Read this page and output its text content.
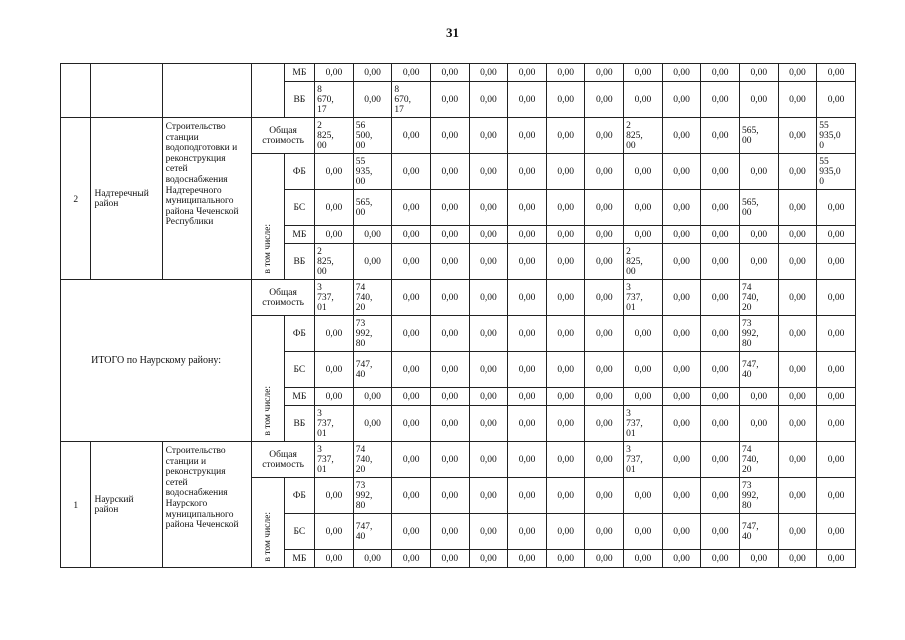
31
				МБ	0,00	0,00	0,00	0,00	0,00	0,00	0,00	0,00	0,00	0,00	0,00	0,00	0,00	0,00
				ВБ	8
670,
17	0,00	8
670,
17	0,00	0,00	0,00	0,00	0,00	0,00	0,00	0,00	0,00	0,00	0,00
2	Надтеречный район	Строительство станции водоподготовки и реконструкция сетей водоснабжения Надтеречного муниципального района Чеченской Республики	Общая стоимость		2
825,
00	56
500,
00	0,00	0,00	0,00	0,00	0,00	0,00	2
825,
00	0,00	0,00	565,
00	0,00	55
935,0
0
			в том числе:	ФБ	0,00	55
935,
00	0,00	0,00	0,00	0,00	0,00	0,00	0,00	0,00	0,00	0,00	0,00	55
935,0
0
				БС	0,00	565,
00	0,00	0,00	0,00	0,00	0,00	0,00	0,00	0,00	0,00	565,
00	0,00	0,00
				МБ	0,00	0,00	0,00	0,00	0,00	0,00	0,00	0,00	0,00	0,00	0,00	0,00	0,00	0,00
				ВБ	2
825,
00	0,00	0,00	0,00	0,00	0,00	0,00	0,00	2
825,
00	0,00	0,00	0,00	0,00	0,00
ИТОГО по Наурскому району:			Общая стоимость		3
737,
01	74
740,
20	0,00	0,00	0,00	0,00	0,00	0,00	3
737,
01	0,00	0,00	74
740,
20	0,00	0,00
			в том числе:	ФБ	0,00	73
992,
80	0,00	0,00	0,00	0,00	0,00	0,00	0,00	0,00	0,00	73
992,
80	0,00	0,00
				БС	0,00	747,
40	0,00	0,00	0,00	0,00	0,00	0,00	0,00	0,00	0,00	747,
40	0,00	0,00
				МБ	0,00	0,00	0,00	0,00	0,00	0,00	0,00	0,00	0,00	0,00	0,00	0,00	0,00	0,00
				ВБ	3
737,
01	0,00	0,00	0,00	0,00	0,00	0,00	0,00	3
737,
01	0,00	0,00	0,00	0,00	0,00
1	Наурский район	Строительство станции и реконструкция сетей водоснабжения Наурского муниципального района Чеченской	Общая стоимость		3
737,
01	74
740,
20	0,00	0,00	0,00	0,00	0,00	0,00	3
737,
01	0,00	0,00	74
740,
20	0,00	0,00
			в том числе:	ФБ	0,00	73
992,
80	0,00	0,00	0,00	0,00	0,00	0,00	0,00	0,00	0,00	73
992,
80	0,00	0,00
				БС	0,00	747,
40	0,00	0,00	0,00	0,00	0,00	0,00	0,00	0,00	0,00	747,
40	0,00	0,00
				МБ	0,00	0,00	0,00	0,00	0,00	0,00	0,00	0,00	0,00	0,00	0,00	0,00	0,00	0,00
